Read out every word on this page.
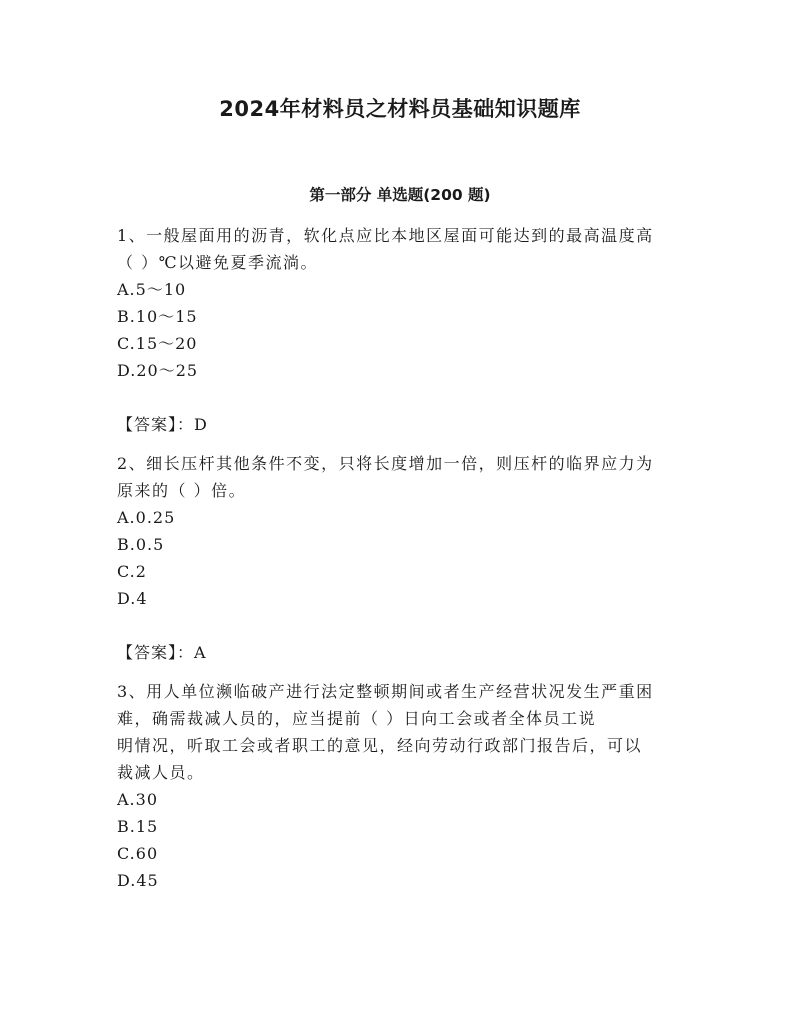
2024年材料员之材料员基础知识题库
第一部分 单选题(200 题)

1、一般屋面用的沥青，软化点应比本地区屋面可能达到的最高温度高

（ ）℃以避免夏季流淌。

A.5～10

B.10～15

C.15～20

D.20～25

【答案】：D

2、细长压杆其他条件不变，只将长度增加一倍，则压杆的临界应力为

原来的（ ）倍。

A.0.25

B.0.5

C.2

D.4

【答案】：A

3、用人单位濒临破产进行法定整顿期间或者生产经营状况发生严重困

难，确需裁减人员的，应当提前（ ）日向工会或者全体员工说

明情况，听取工会或者职工的意见，经向劳动行政部门报告后，可以

裁减人员。

A.30

B.15

C.60

D.45
